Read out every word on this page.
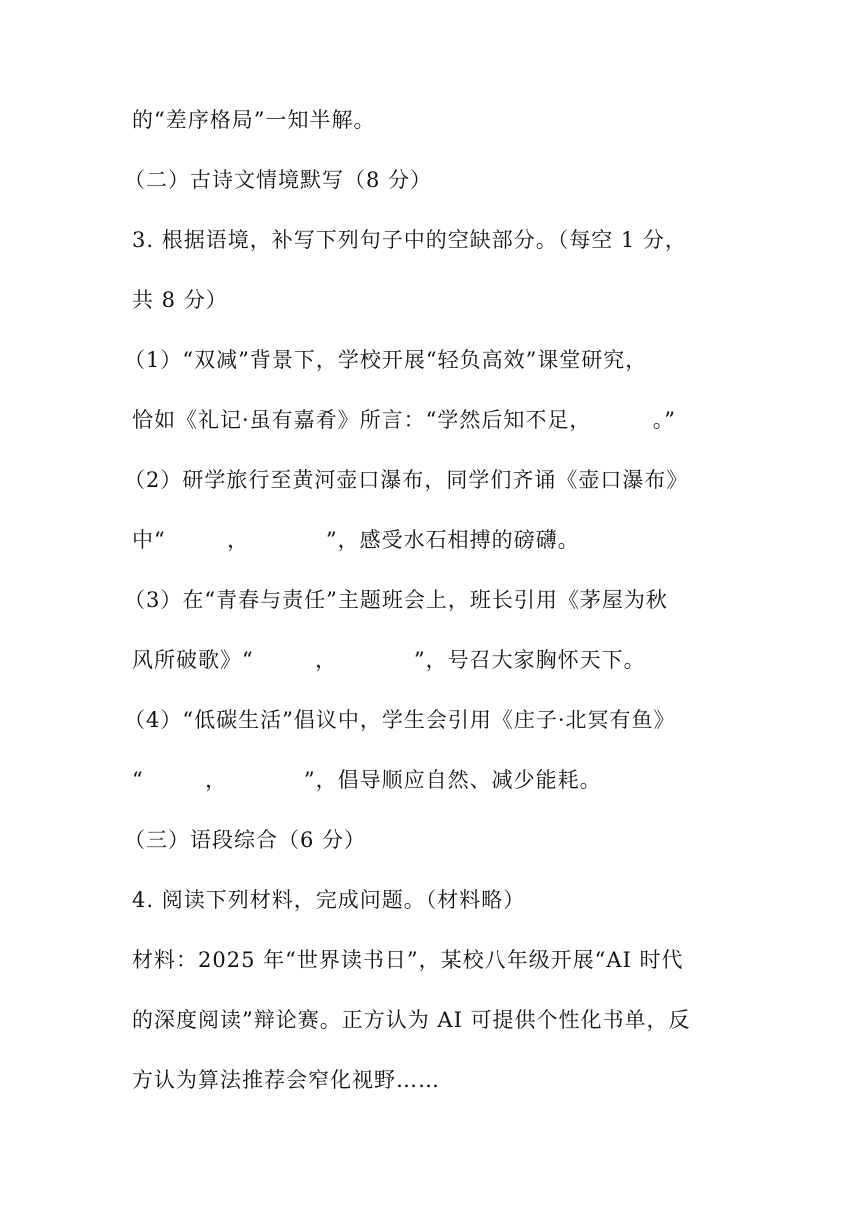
的“差序格局”一知半解。
（二）古诗文情境默写（8 分）
3. 根据语境，补写下列句子中的空缺部分。（每空 1 分，
共 8 分）
（1）“双减”背景下，学校开展“轻负高效”课堂研究，
恰如《礼记·虽有嘉肴》所言：“学然后知不足，        。”
（2）研学旅行至黄河壶口瀑布，同学们齐诵《壶口瀑布》
中“        ，          ”，感受水石相搏的磅礴。
（3）在“青春与责任”主题班会上，班长引用《茅屋为秋
风所破歌》“        ，          ”，号召大家胸怀天下。
（4）“低碳生活”倡议中，学生会引用《庄子·北冥有鱼》
“        ，          ”，倡导顺应自然、减少能耗。
（三）语段综合（6 分）
4. 阅读下列材料，完成问题。（材料略）
材料：2025 年“世界读书日”，某校八年级开展“AI 时代
的深度阅读”辩论赛。正方认为 AI 可提供个性化书单，反
方认为算法推荐会窄化视野……
